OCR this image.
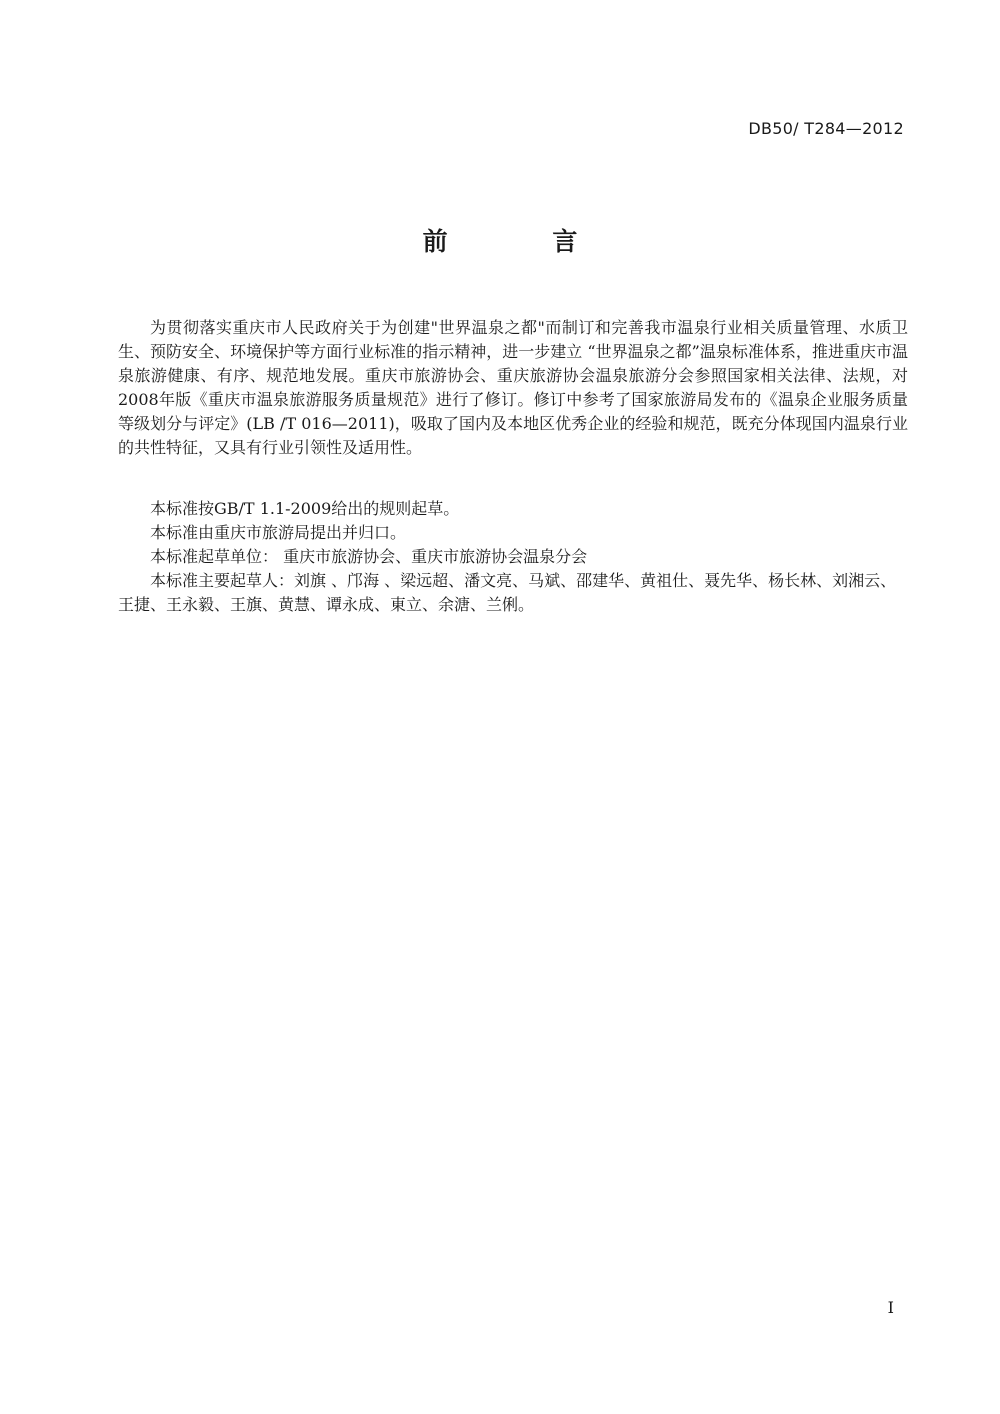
DB50/ T284—2012
前 言

为贯彻落实重庆市人民政府关于为创建"世界温泉之都"而制订和完善我市温泉行业相关质量管理、水质卫生、预防安全、环境保护等方面行业标准的指示精神，进一步建立 “世界温泉之都”温泉标准体系，推进重庆市温泉旅游健康、有序、规范地发展。重庆市旅游协会、重庆旅游协会温泉旅游分会参照国家相关法律、法规，对2008年版《重庆市温泉旅游服务质量规范》进行了修订。修订中参考了国家旅游局发布的《温泉企业服务质量等级划分与评定》(LB /T 016—2011)，吸取了国内及本地区优秀企业的经验和规范，既充分体现国内温泉行业的共性特征，又具有行业引领性及适用性。

本标准按GB/T 1.1-2009给出的规则起草。

本标准由重庆市旅游局提出并归口。

本标准起草单位： 重庆市旅游协会、重庆市旅游协会温泉分会

本标准主要起草人：刘旗 、邝海 、梁远超、潘文亮、马斌、邵建华、黄祖仕、聂先华、杨长林、刘湘云、王捷、王永毅、王旗、黄慧、谭永成、東立、余溏、兰俐。

I
